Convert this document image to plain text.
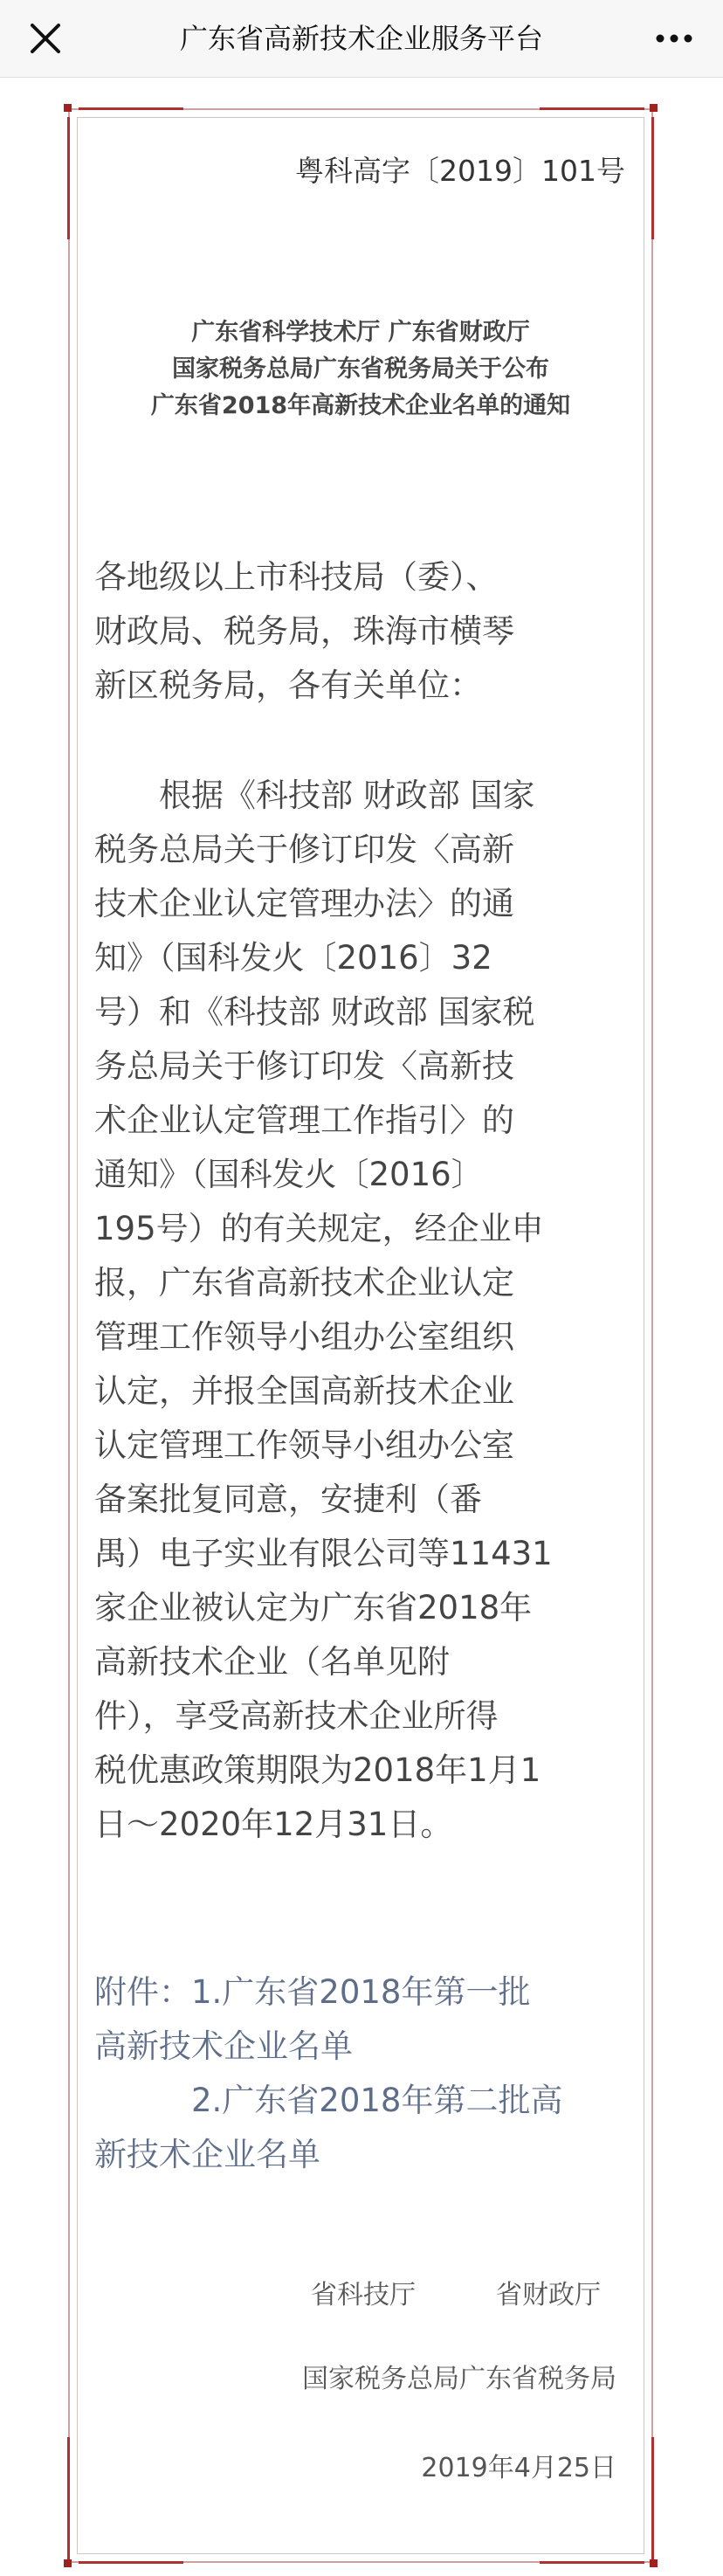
广东省高新技术企业服务平台
粤科高字〔2019〕101号
广东省科学技术厅 广东省财政厅
国家税务总局广东省税务局关于公布
广东省2018年高新技术企业名单的通知
各地级以上市科技局（委）、
财政局、税务局，珠海市横琴
新区税务局，各有关单位：
　　根据《科技部 财政部 国家
税务总局关于修订印发〈高新
技术企业认定管理办法〉的通
知》（国科发火〔2016〕32
号）和《科技部 财政部 国家税
务总局关于修订印发〈高新技
术企业认定管理工作指引〉的
通知》（国科发火〔2016〕
195号）的有关规定，经企业申
报，广东省高新技术企业认定
管理工作领导小组办公室组织
认定，并报全国高新技术企业
认定管理工作领导小组办公室
备案批复同意，安捷利（番
禺）电子实业有限公司等11431
家企业被认定为广东省2018年
高新技术企业（名单见附
件），享受高新技术企业所得
税优惠政策期限为2018年1月1
日～2020年12月31日。
附件：1.广东省2018年第一批
高新技术企业名单
　　　2.广东省2018年第二批高
新技术企业名单
省科技厅	省财政厅
国家税务总局广东省税务局
2019年4月25日
